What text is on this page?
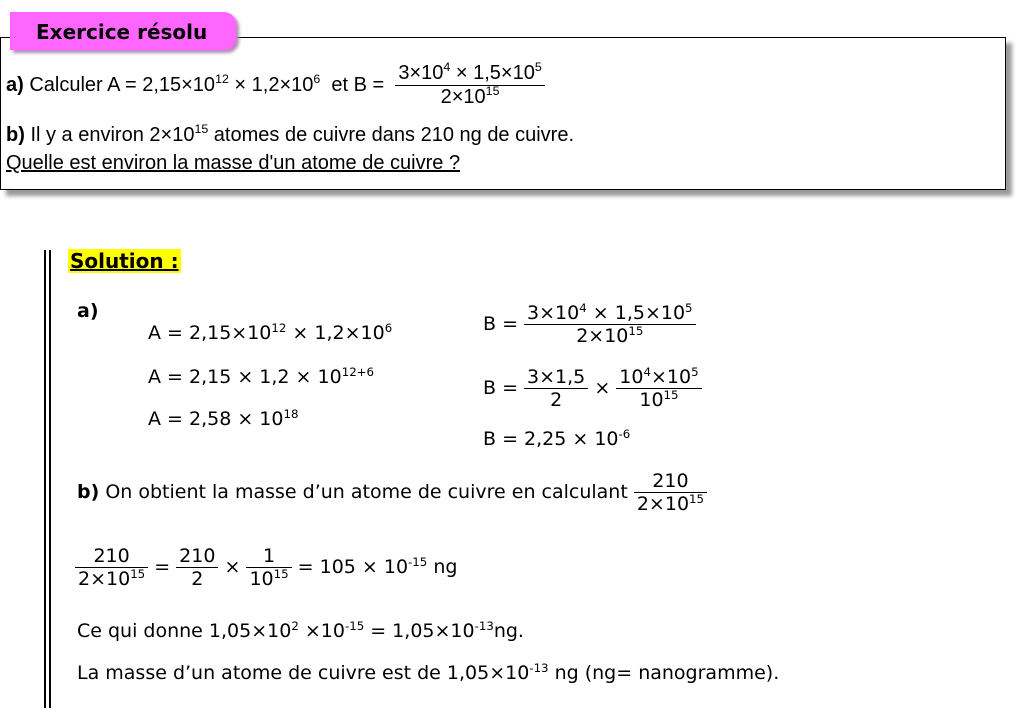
Exercice résolu
a) Calculer $A = 2,15\times 10^{12} \times 1,2\times 10^6$  et $B = \frac{3\times 10^4 \times 1,5\times 10^5}{2\times 10^{15}}$
b) Il y a environ $2\times 10^{15}$ atomes de cuivre dans 210 ng de cuivre.
Quelle est environ la masse d'un atome de cuivre ?
Solution :
a)
$A = 2,15\times 10^{12} \times 1,2\times 10^6$
$A = 2,15 \times 1,2 \times 10^{12+6}$
$A = 2,58 \times 10^{18}$
$B = \frac{3\times 10^4 \times 1,5\times 10^5}{2\times 10^{15}}$
$B = \frac{3\times 1,5}{2} \times \frac{10^4\times 10^5}{10^{15}}$
$B = 2,25 \times 10^{-6}$
b) On obtient la masse d’un atome de cuivre en calculant $\frac{210}{2\times 10^{15}}$
$\frac{210}{2\times 10^{15}} = \frac{210}{2} \times \frac{1}{10^{15}} = 105 \times 10^{-15}$ ng
Ce qui donne $1,05\times 10^2 \times 10^{-15} = 1,05\times 10^{-13}ng$.
La masse d’un atome de cuivre est de $1,05\times 10^{-13}$ ng (ng= nanogramme).
